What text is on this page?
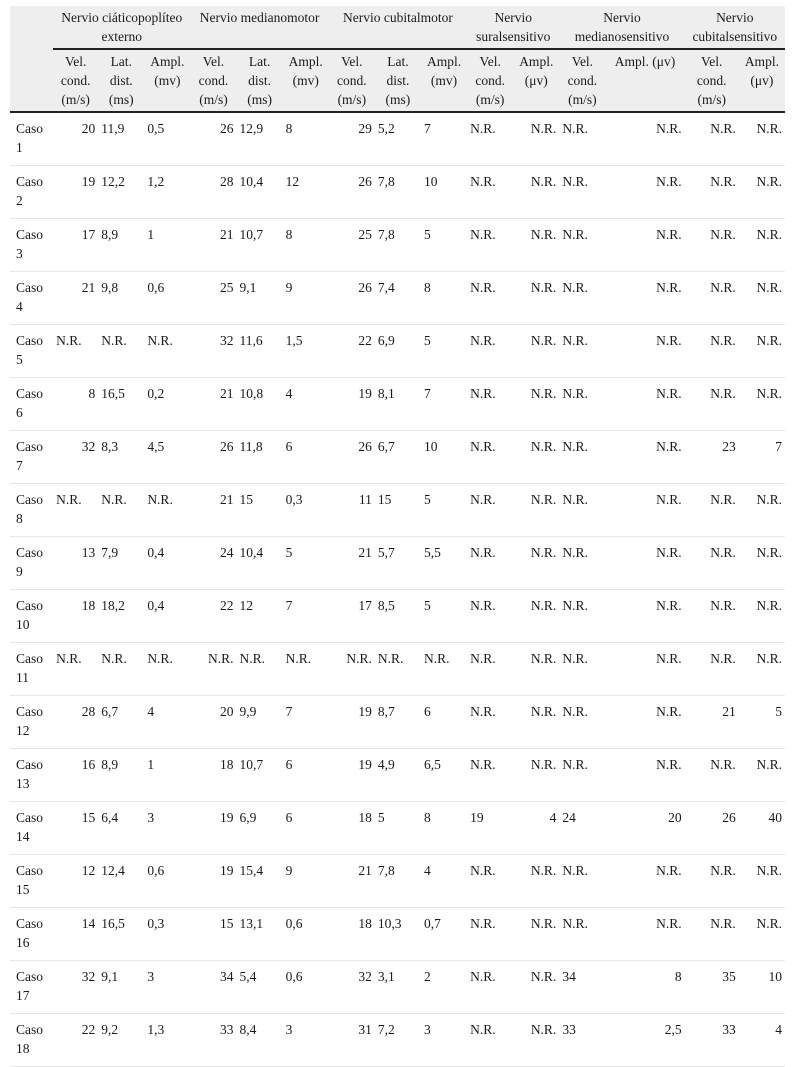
	Nervio ciáticopoplíteo externo			Nervio medianomotor			Nervio cubitalmotor			Nervio suralsensitivo		Nervio medianosensitivo		Nervio cubitalsensitivo	
	Vel. cond. (m/s)	Lat. dist. (ms)	Ampl. (mv)	Vel. cond. (m/s)	Lat. dist. (ms)	Ampl. (mv)	Vel. cond. (m/s)	Lat. dist. (ms)	Ampl. (mv)	Vel. cond. (m/s)	Ampl. (μv)	Vel. cond. (m/s)	Ampl. (μv)	Vel. cond. (m/s)	Ampl. (μv)
Caso 1	20	11,9	0,5	26	12,9	8	29	5,2	7	N.R.	N.R.	N.R.	N.R.	N.R.	N.R.
Caso 2	19	12,2	1,2	28	10,4	12	26	7,8	10	N.R.	N.R.	N.R.	N.R.	N.R.	N.R.
Caso 3	17	8,9	1	21	10,7	8	25	7,8	5	N.R.	N.R.	N.R.	N.R.	N.R.	N.R.
Caso 4	21	9,8	0,6	25	9,1	9	26	7,4	8	N.R.	N.R.	N.R.	N.R.	N.R.	N.R.
Caso 5	N.R.	N.R.	N.R.	32	11,6	1,5	22	6,9	5	N.R.	N.R.	N.R.	N.R.	N.R.	N.R.
Caso 6	8	16,5	0,2	21	10,8	4	19	8,1	7	N.R.	N.R.	N.R.	N.R.	N.R.	N.R.
Caso 7	32	8,3	4,5	26	11,8	6	26	6,7	10	N.R.	N.R.	N.R.	N.R.	23	7
Caso 8	N.R.	N.R.	N.R.	21	15	0,3	11	15	5	N.R.	N.R.	N.R.	N.R.	N.R.	N.R.
Caso 9	13	7,9	0,4	24	10,4	5	21	5,7	5,5	N.R.	N.R.	N.R.	N.R.	N.R.	N.R.
Caso 10	18	18,2	0,4	22	12	7	17	8,5	5	N.R.	N.R.	N.R.	N.R.	N.R.	N.R.
Caso 11	N.R.	N.R.	N.R.	N.R.	N.R.	N.R.	N.R.	N.R.	N.R.	N.R.	N.R.	N.R.	N.R.	N.R.	N.R.
Caso 12	28	6,7	4	20	9,9	7	19	8,7	6	N.R.	N.R.	N.R.	N.R.	21	5
Caso 13	16	8,9	1	18	10,7	6	19	4,9	6,5	N.R.	N.R.	N.R.	N.R.	N.R.	N.R.
Caso 14	15	6,4	3	19	6,9	6	18	5	8	19	4	24	20	26	40
Caso 15	12	12,4	0,6	19	15,4	9	21	7,8	4	N.R.	N.R.	N.R.	N.R.	N.R.	N.R.
Caso 16	14	16,5	0,3	15	13,1	0,6	18	10,3	0,7	N.R.	N.R.	N.R.	N.R.	N.R.	N.R.
Caso 17	32	9,1	3	34	5,4	0,6	32	3,1	2	N.R.	N.R.	34	8	35	10
Caso 18	22	9,2	1,3	33	8,4	3	31	7,2	3	N.R.	N.R.	33	2,5	33	4
